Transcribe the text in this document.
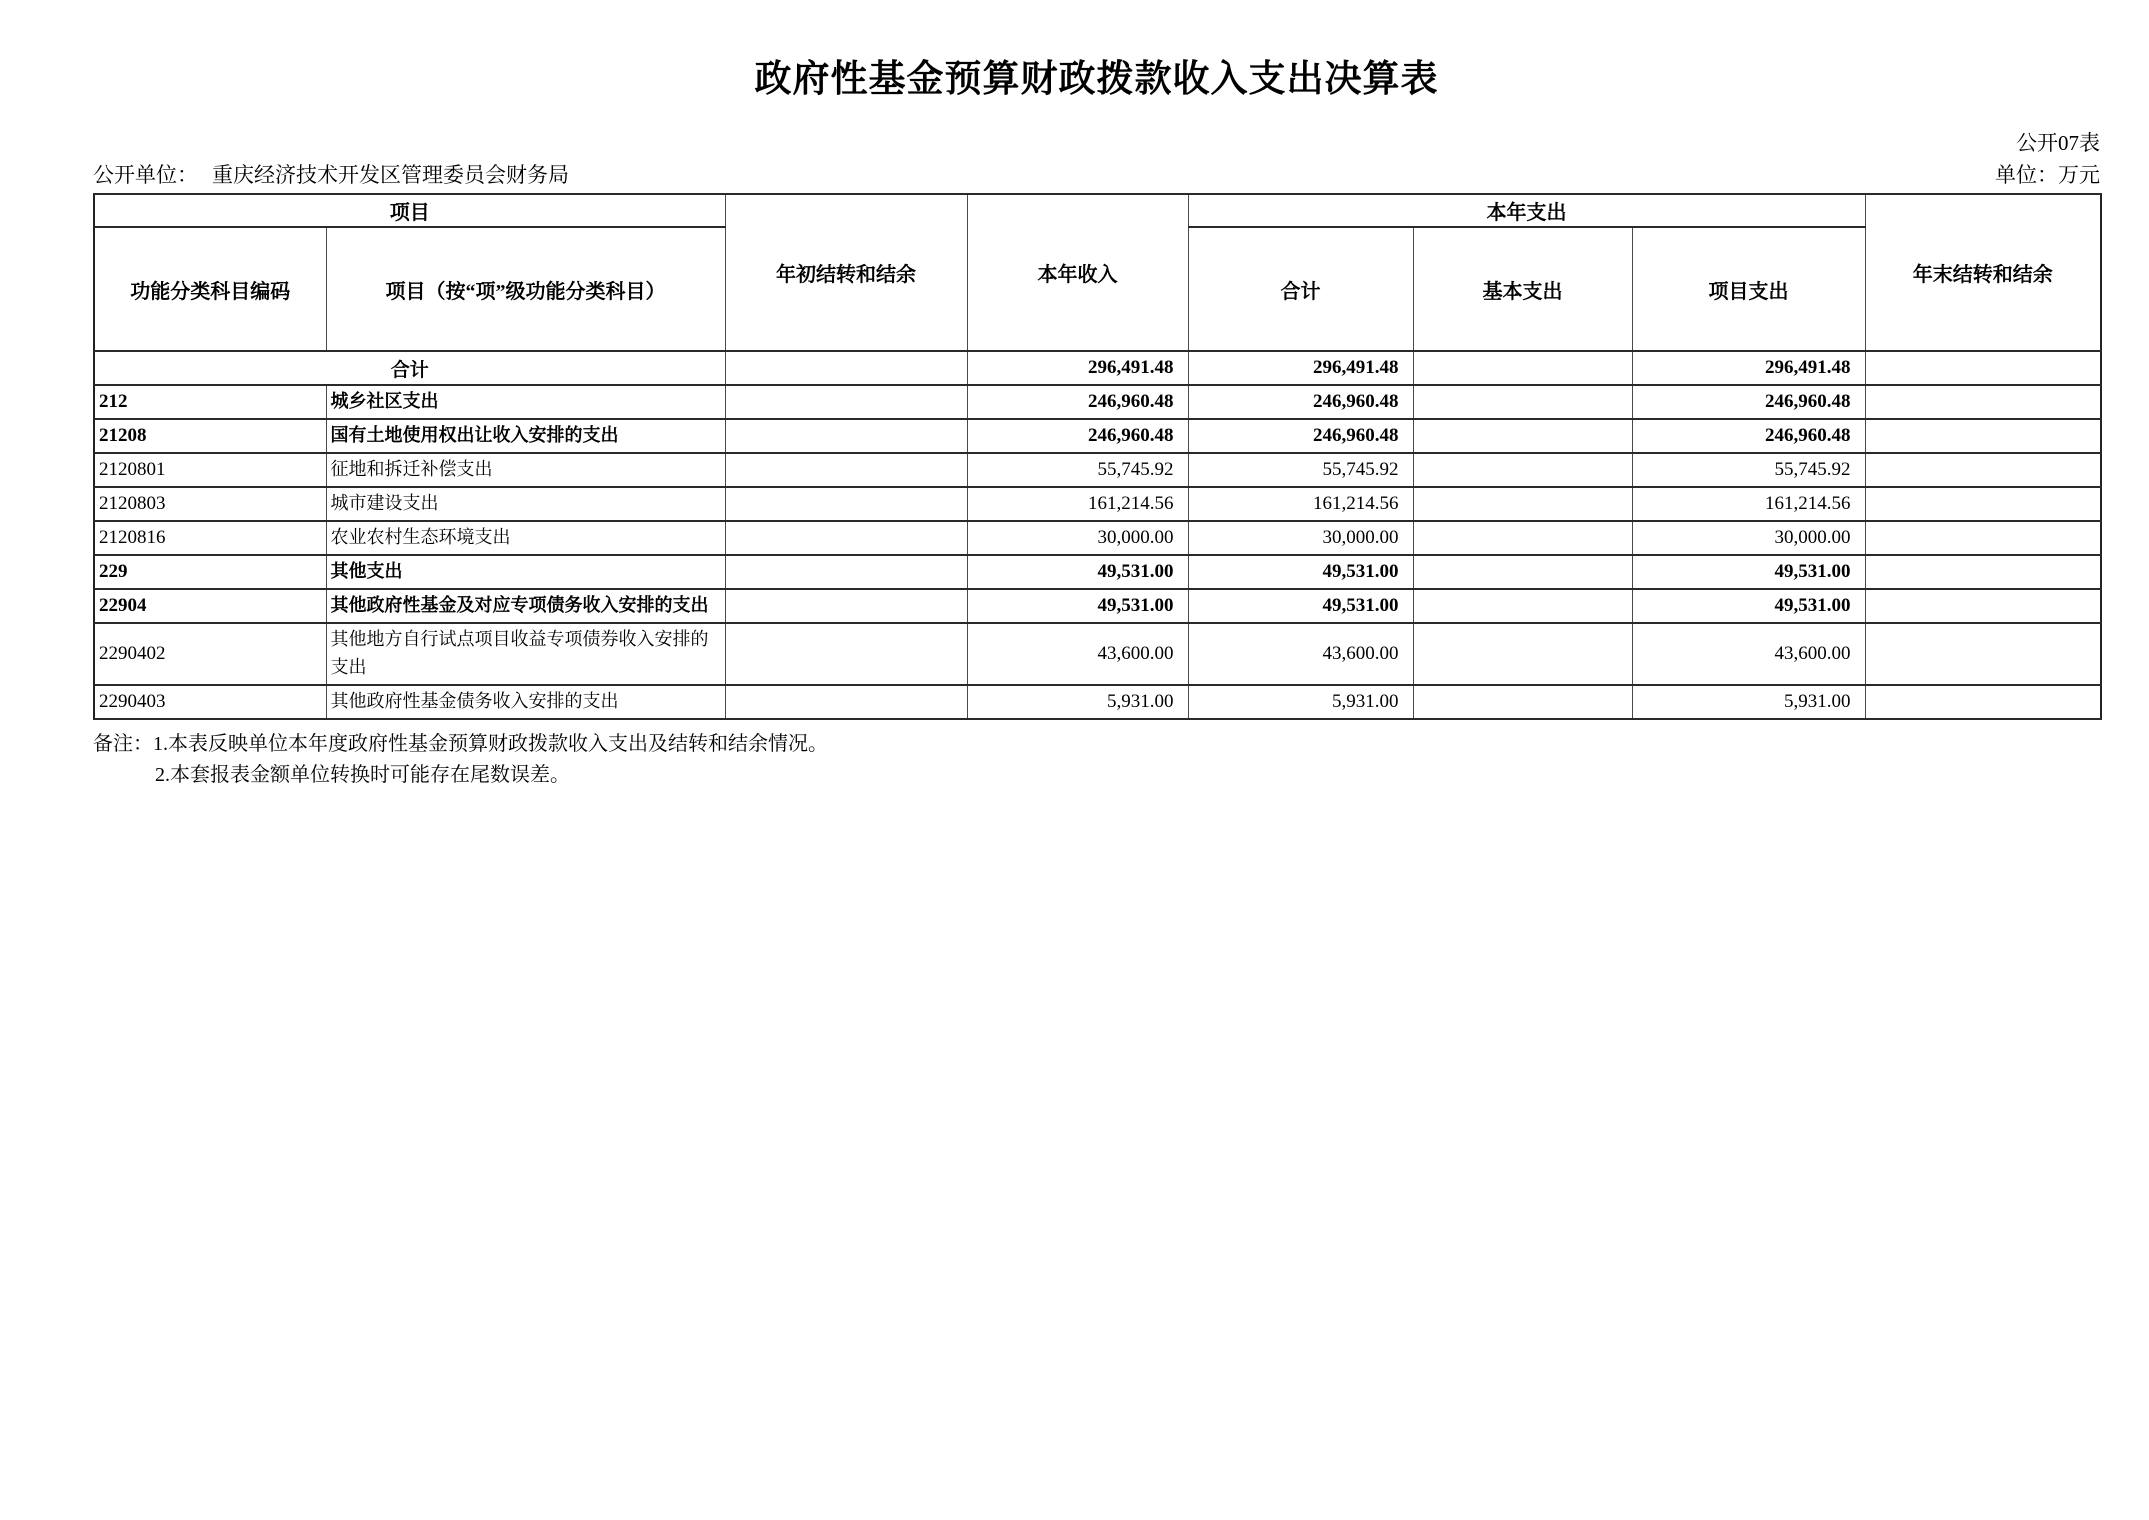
政府性基金预算财政拨款收入支出决算表
公开07表
公开单位： 重庆经济技术开发区管理委员会财务局	单位：万元
项目		年初结转和结余	本年收入	本年支出			年末结转和结余
功能分类科目编码	项目（按“项”级功能分类科目）			合计	基本支出	项目支出	
合计			296,491.48	296,491.48		296,491.48	
212	城乡社区支出		246,960.48	246,960.48		246,960.48	
21208	国有土地使用权出让收入安排的支出		246,960.48	246,960.48		246,960.48	
2120801	征地和拆迁补偿支出		55,745.92	55,745.92		55,745.92	
2120803	城市建设支出		161,214.56	161,214.56		161,214.56	
2120816	农业农村生态环境支出		30,000.00	30,000.00		30,000.00	
229	其他支出		49,531.00	49,531.00		49,531.00	
22904	其他政府性基金及对应专项债务收入安排的支出		49,531.00	49,531.00		49,531.00	
2290402	其他地方自行试点项目收益专项债券收入安排的支出		43,600.00	43,600.00		43,600.00	
2290403	其他政府性基金债务收入安排的支出		5,931.00	5,931.00		5,931.00	
备注：1.本表反映单位本年度政府性基金预算财政拨款收入支出及结转和结余情况。
2.本套报表金额单位转换时可能存在尾数误差。
